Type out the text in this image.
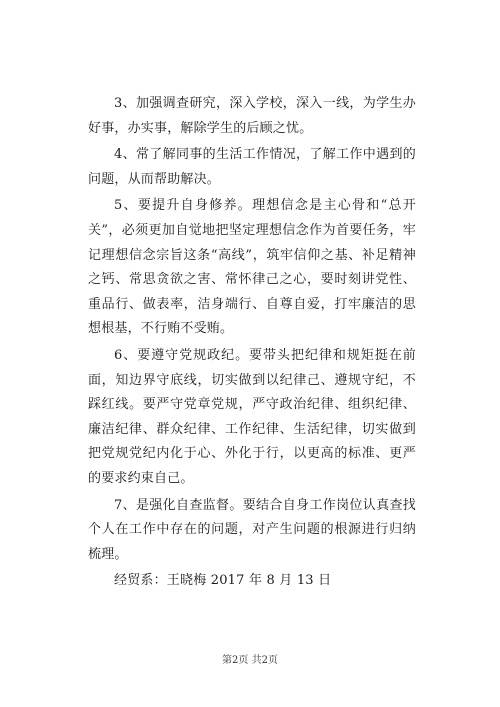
3、加强调查研究，深入学校，深入一线，为学生办好事，办实事，解除学生的后顾之忧。

4、常了解同事的生活工作情况，了解工作中遇到的问题，从而帮助解决。

5、要提升自身修养。理想信念是主心骨和“总开关”，必须更加自觉地把坚定理想信念作为首要任务，牢记理想信念宗旨这条“高线”，筑牢信仰之基、补足精神之钙、常思贪欲之害、常怀律己之心，要时刻讲党性、重品行、做表率，洁身端行、自尊自爱，打牢廉洁的思想根基，不行贿不受贿。

6、要遵守党规政纪。要带头把纪律和规矩挺在前面，知边界守底线，切实做到以纪律己、遵规守纪，不踩红线。要严守党章党规，严守政治纪律、组织纪律、廉洁纪律、群众纪律、工作纪律、生活纪律，切实做到把党规党纪内化于心、外化于行，以更高的标准、更严的要求约束自己。

7、是强化自查监督。要结合自身工作岗位认真查找个人在工作中存在的问题，对产生问题的根源进行归纳梳理。

经贸系：王晓梅 2017 年 8 月 13 日

第2页 共2页
